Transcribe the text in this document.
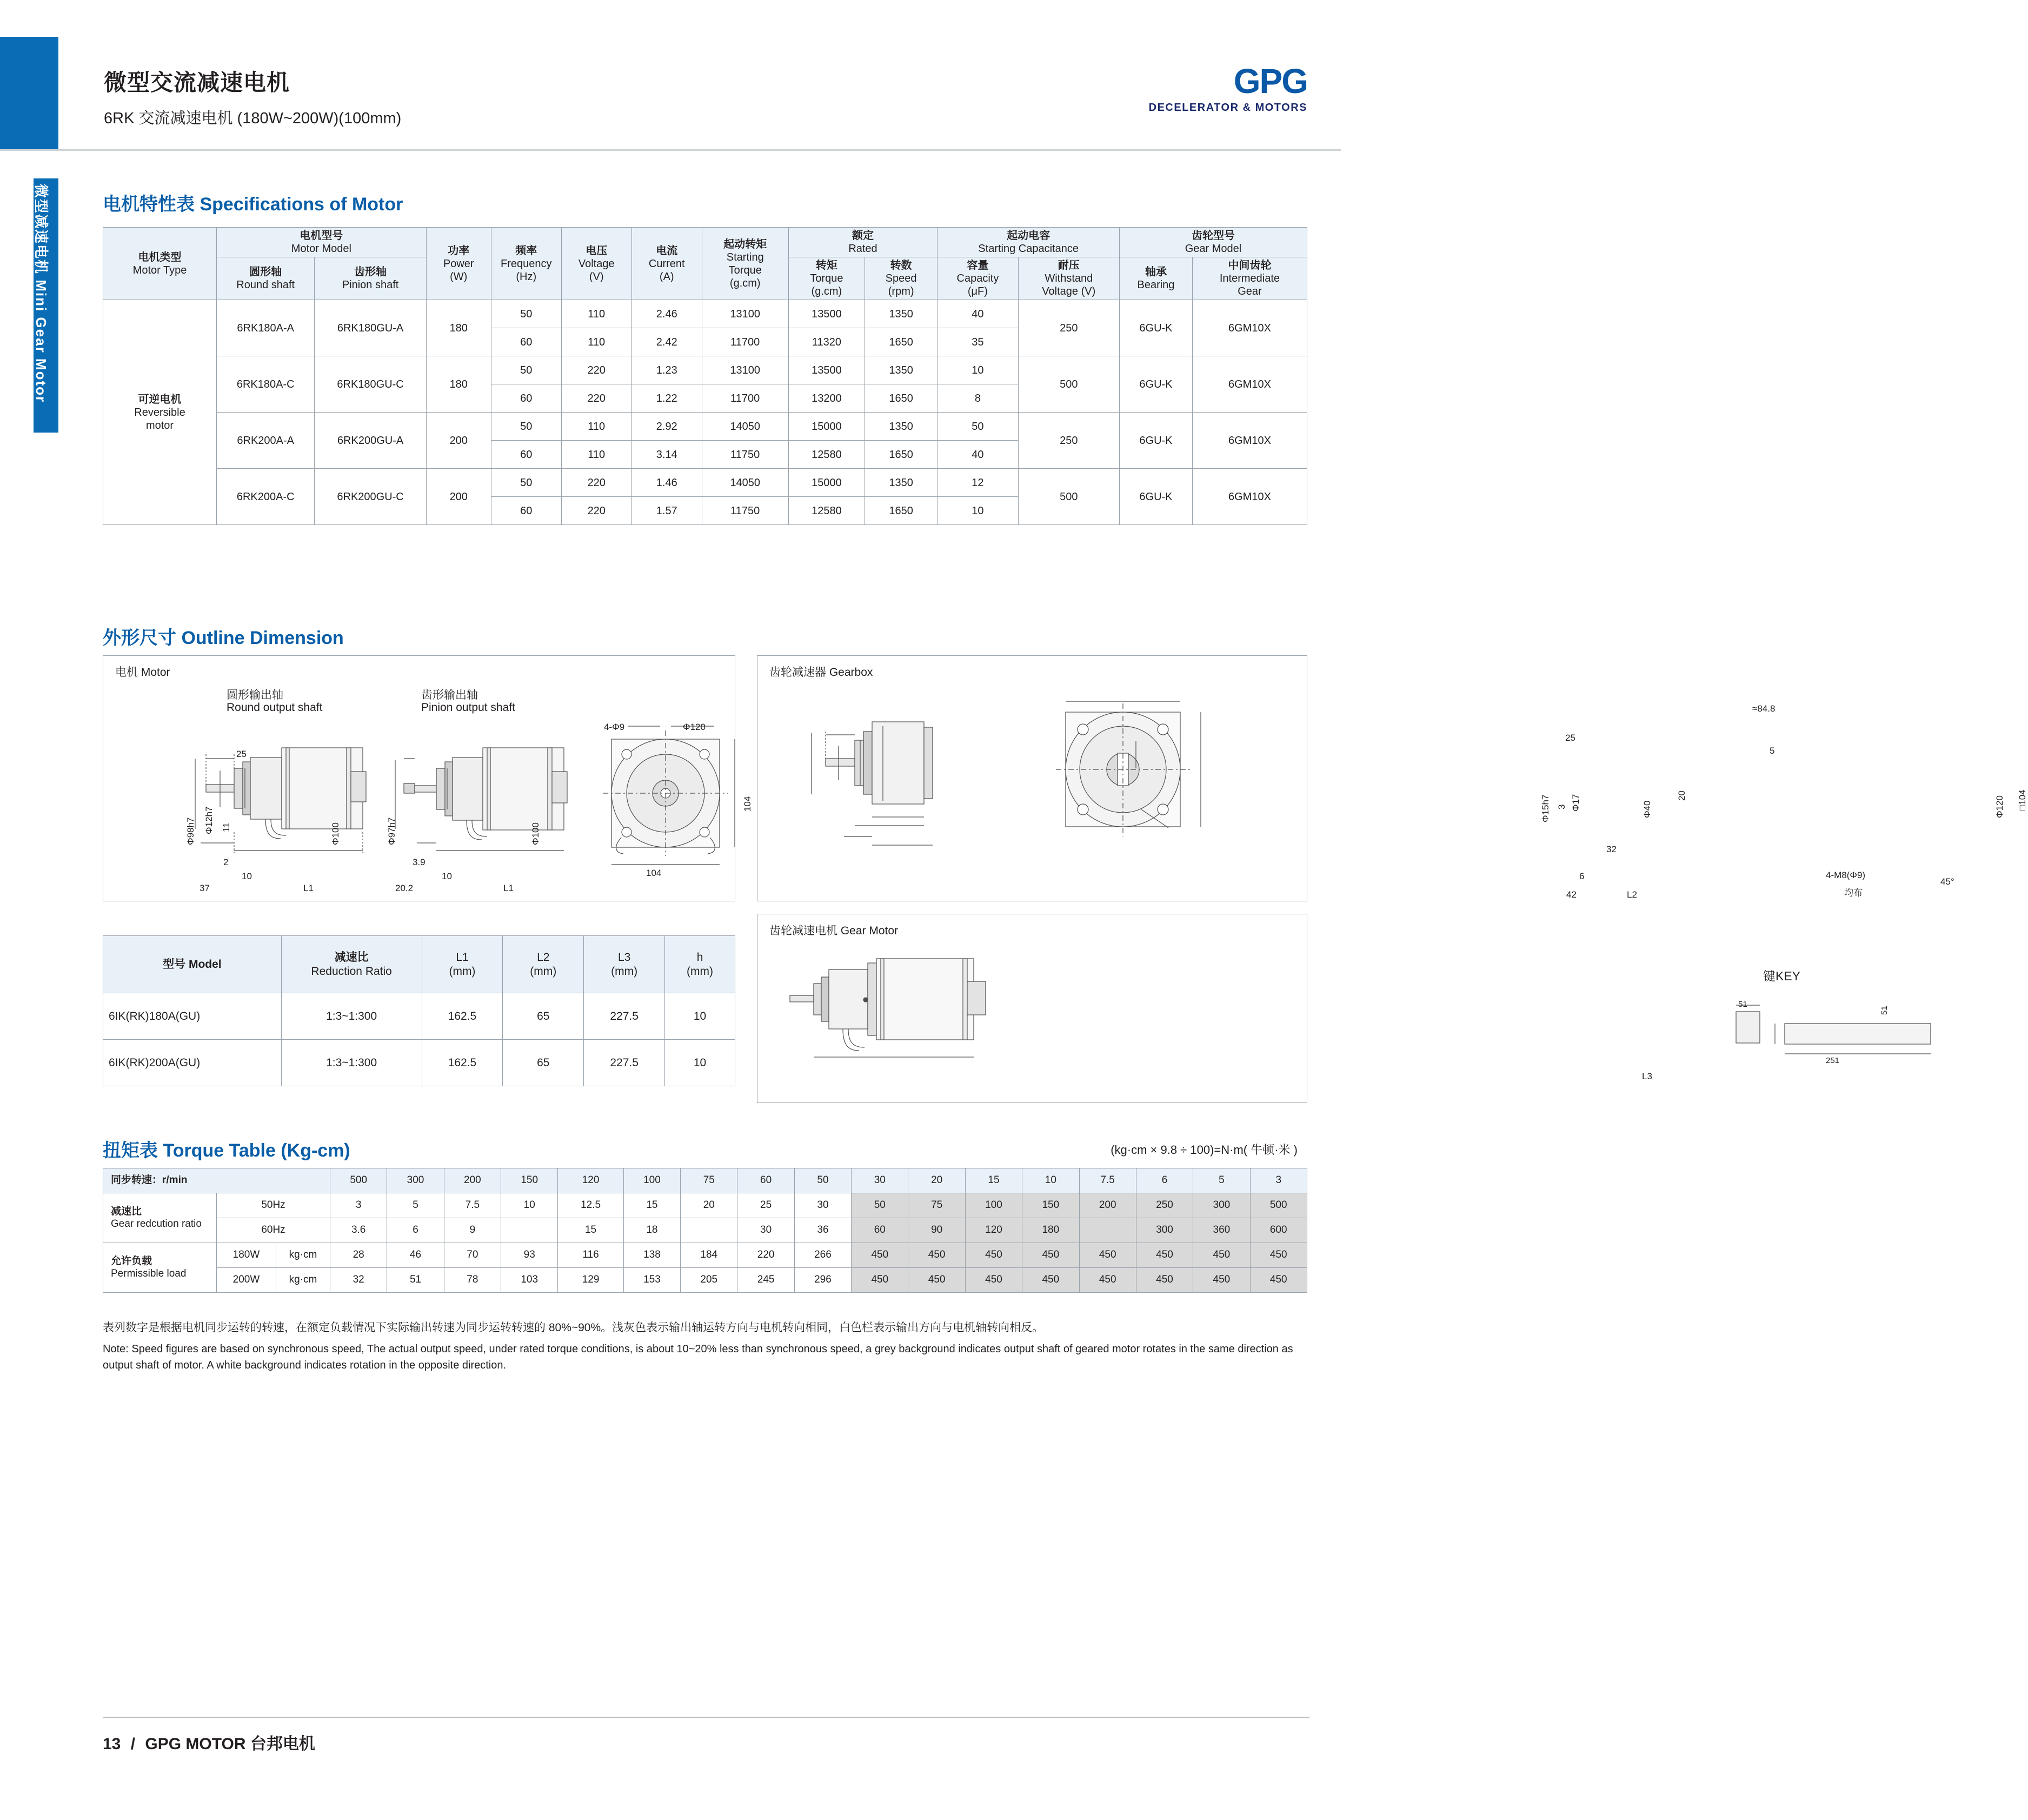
微型交流减速电机
6RK 交流减速电机 (180W~200W)(100mm)
GPG
DECELERATOR & MOTORS
微型减速电机 Mini Gear Motor	电机特性表 Specifications of Motor
电机类型
Motor Type

电机型号
Motor Model	功率
Power
(W)

频率
Frequency
(Hz)

电压
Voltage
(V)

电流
Current
(A)

起动转矩
Starting
Torque
(g.cm)

额定
Rated

起动电容
Starting Capacitance

齿轮型号
Gear Model

圆形轴
Round shaft

齿形轴
Pinion shaft

转矩
Torque
(g.cm)

转数
Speed
(rpm)

容量
Capacity
(μF)

耐压
Withstand
Voltage (V)

轴承
Bearing

中间齿轮
Intermediate
Gear

可逆电机
Reversible
motor	6RK180A-A	6RK180GU-A	180	50	110	2.46	13100	13500	1350	40	250	6GU-K	6GM10X
				60	110	2.42	11700	11320	1650	35			
	6RK180A-C	6RK180GU-C	180	50	220	1.23	13100	13500	1350	10	500	6GU-K	6GM10X
				60	220	1.22	11700	13200	1650	8			
	6RK200A-A	6RK200GU-A	200	50	110	2.92	14050	15000	1350	50	250	6GU-K	6GM10X
				60	110	3.14	11750	12580	1650	40			
	6RK200A-C	6RK200GU-C	200	50	220	1.46	14050	15000	1350	12	500	6GU-K	6GM10X
				60	220	1.57	11750	12580	1650	10			
外形尺寸 Outline Dimension
电机 Motor
圆形输出轴
Round output shaft
齿形输出轴
Pinion output shaft
25
Φ12h7 11
Φ98h7	Φ100
2
10
37	L1
Φ97h7	Φ100
3.9
10
20.2	L1
4-Φ9	Φ120
104
104
齿轮减速器 Gearbox
Φ15h7 Φ17
3
25
Φ40
32
6
42	L2
≈84.8
20
5
□104
Φ120
4-M8(Φ9)
均布
45°
型号 Model	
减速比
Reduction Ratio

L1
(mm)

L2
(mm)

L3
(mm)

h
(mm)

6IK(RK)180A(GU)	1:3~1:300	162.5	65	227.5	10
6IK(RK)200A(GU)	1:3~1:300	162.5	65	227.5	10
齿轮减速电机 Gear Motor
L3
键KEY
51
51
251
扭矩表 Torque Table (Kg-cm)	(kg·cm × 9.8 ÷ 100)=N·m( 牛顿·米 )
同步转速：r/min			500	300	200	150	120	100	75	60	50	30	20	15	10	7.5	6	5	3

减速比
Gear redcution ratio	50Hz		3	5	7.5	10	12.5	15	20	25	30	50	75	100	150	200	250	300	500
	60Hz		3.6	6	9		15	18		30	36	60	90	120	180		300	360	600

允许负载
Permissible load	180W	kg·cm	28	46	70	93	116	138	184	220	266	450	450	450	450	450	450	450	450
	200W	kg·cm	32	51	78	103	129	153	205	245	296	450	450	450	450	450	450	450	450
表列数字是根据电机同步运转的转速，在额定负载情况下实际输出转速为同步运转转速的 80%~90%。浅灰色表示输出轴运转方向与电机转向相同，白色栏表示输出方向与电机轴转向相反。
Note: Speed figures are based on synchronous speed, The actual output speed, under rated torque conditions, is about 10~20% less than synchronous speed, a grey background indicates output shaft of geared motor rotates in the same direction as output shaft of motor. A white background indicates rotation in the opposite direction.
13 / GPG MOTOR 台邦电机
